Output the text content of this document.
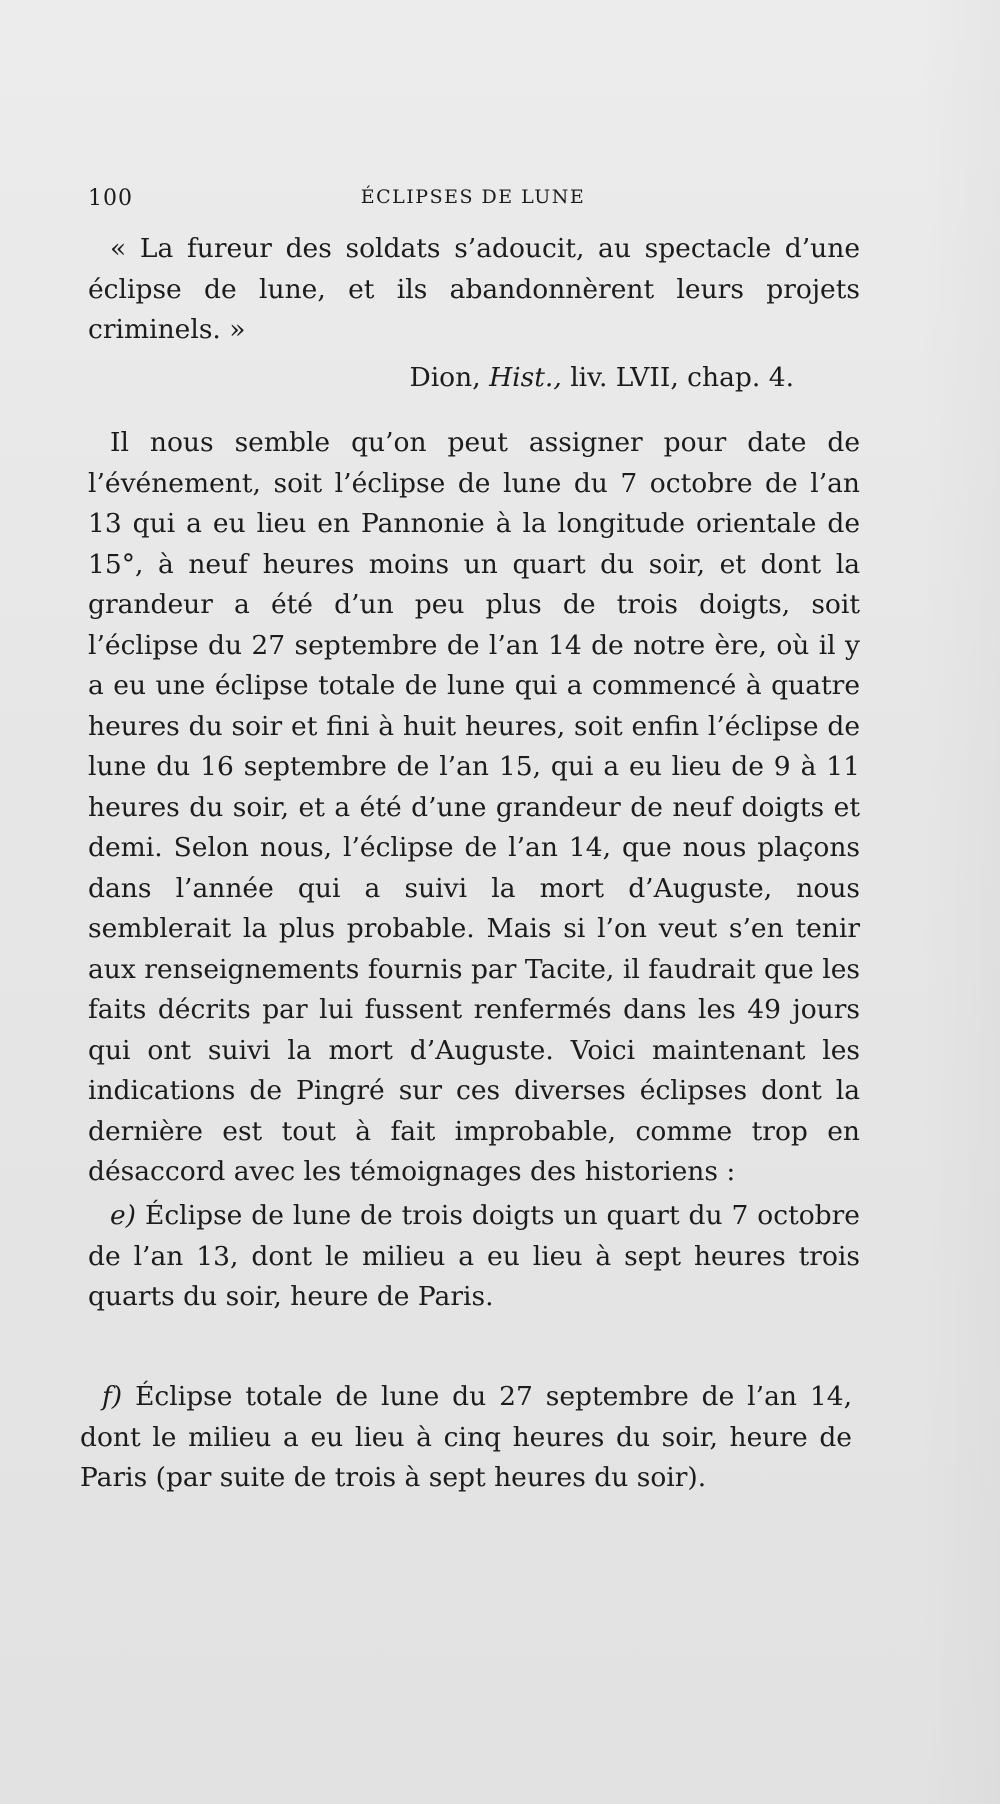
100	ÉCLIPSES DE LUNE

« La fureur des soldats s’adoucit, au spectacle d’une éclipse de lune, et ils abandonnèrent leurs projets criminels. »

Dion, Hist., liv. LVII, chap. 4.

Il nous semble qu’on peut assigner pour date de l’événement, soit l’éclipse de lune du 7 octobre de l’an 13 qui a eu lieu en Pannonie à la longitude orientale de 15°, à neuf heures moins un quart du soir, et dont la grandeur a été d’un peu plus de trois doigts, soit l’éclipse du 27 septembre de l’an 14 de notre ère, où il y a eu une éclipse totale de lune qui a commencé à quatre heures du soir et fini à huit heures, soit enfin l’éclipse de lune du 16 septembre de l’an 15, qui a eu lieu de 9 à 11 heures du soir, et a été d’une grandeur de neuf doigts et demi. Selon nous, l’éclipse de l’an 14, que nous plaçons dans l’année qui a suivi la mort d’Auguste, nous semblerait la plus probable. Mais si l’on veut s’en tenir aux renseignements fournis par Tacite, il faudrait que les faits décrits par lui fussent renfermés dans les 49 jours qui ont suivi la mort d’Auguste. Voici maintenant les indications de Pingré sur ces diverses éclipses dont la dernière est tout à fait improbable, comme trop en désaccord avec les témoignages des historiens :

e) Éclipse de lune de trois doigts un quart du 7 octobre de l’an 13, dont le milieu a eu lieu à sept heures trois quarts du soir, heure de Paris.

f) Éclipse totale de lune du 27 septembre de l’an 14, dont le milieu a eu lieu à cinq heures du soir, heure de Paris (par suite de trois à sept heures du soir).
